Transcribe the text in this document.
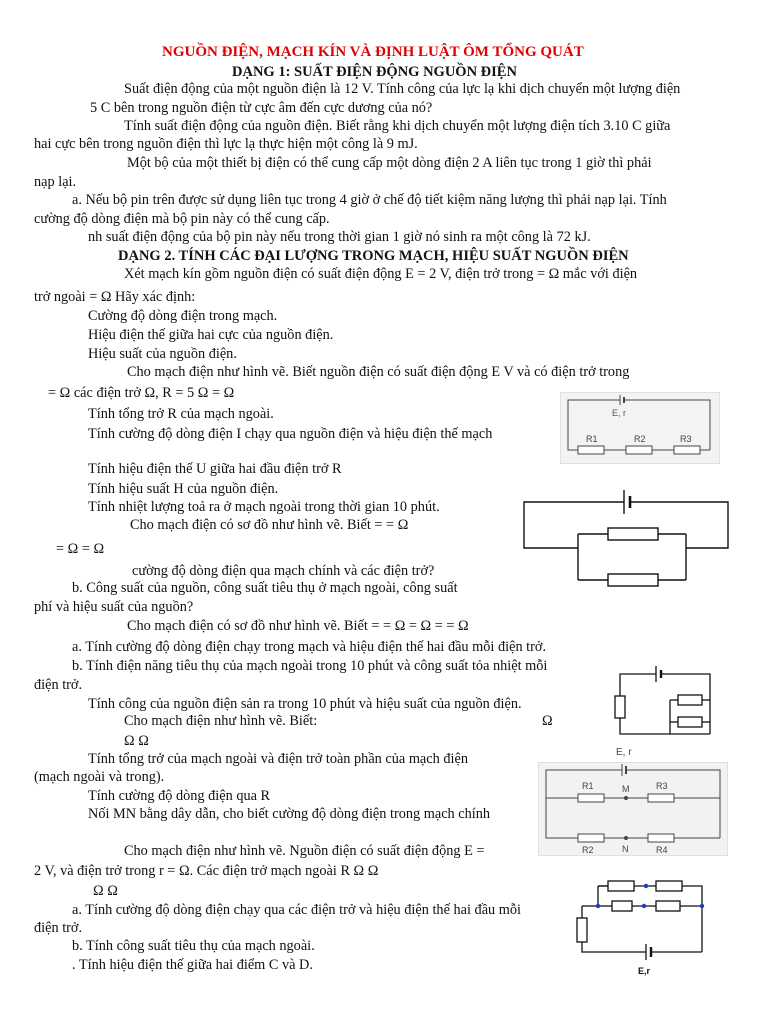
NGUỒN ĐIỆN, MẠCH KÍN VÀ ĐỊNH LUẬT ÔM TỔNG QUÁT
DẠNG 1: SUẤT ĐIỆN ĐỘNG NGUỒN ĐIỆN
Suất điện động của một nguồn điện là 12 V. Tính công của lực lạ khi dịch chuyển một lượng điện
5 C bên trong nguồn điện từ cực âm đến cực dương của nó?
Tính suất điện động của nguồn điện. Biết rằng khi dịch chuyển một lượng điện tích 3.10 C giữa
hai cực bên trong nguồn điện thì lực lạ thực hiện một công là 9 mJ.
Một bộ của một thiết bị điện có thể cung cấp một dòng điện 2 A liên tục trong 1 giờ thì phải
nạp lại.
a. Nếu bộ pin trên được sử dụng liên tục trong 4 giờ ở chế độ tiết kiệm năng lượng thì phải nạp lại. Tính
cường độ dòng điện mà bộ pin này có thể cung cấp.
nh suất điện động của bộ pin này nếu trong thời gian 1 giờ nó sinh ra một công là 72 kJ.
DẠNG 2. TÍNH CÁC ĐẠI LƯỢNG TRONG MẠCH, HIỆU SUẤT NGUỒN ĐIỆN
Xét mạch kín gồm nguồn điện có suất điện động E = 2 V, điện trở trong = Ω mắc với điện
trở ngoài = Ω Hãy xác định:
Cường độ dòng điện trong mạch.
Hiệu điện thế giữa hai cực của nguồn điện.
Hiệu suất của nguồn điện.
Cho mạch điện như hình vẽ. Biết nguồn điện có suất điện động E V và có điện trở trong
= Ω các điện trở Ω, R = 5 Ω = Ω
Tính tổng trở R của mạch ngoài.
Tính cường độ dòng điện I chạy qua nguồn điện và hiệu điện thế mạch
Tính hiệu điện thế U giữa hai đầu điện trở R
Tính hiệu suất H của nguồn điện.
Tính nhiệt lượng toả ra ở mạch ngoài trong thời gian 10 phút.
Cho mạch điện có sơ đồ như hình vẽ. Biết = = Ω
= Ω = Ω
cường độ dòng điện qua mạch chính và các điện trở?
b. Công suất của nguồn, công suất tiêu thụ ở mạch ngoài, công suất
phí và hiệu suất của nguồn?
Cho mạch điện có sơ đồ như hình vẽ. Biết = = Ω = Ω = = Ω
a. Tính cường độ dòng điện chạy trong mạch và hiệu điện thế hai đầu mỗi điện trở.
b. Tính điện năng tiêu thụ của mạch ngoài trong 10 phút và công suất tỏa nhiệt mỗi
điện trở.
Tính công của nguồn điện sản ra trong 10 phút và hiệu suất của nguồn điện.
Cho mạch điện như hình vẽ. Biết:	Ω
Ω Ω
Tính tổng trở của mạch ngoài và điện trở toàn phần của mạch điện
(mạch ngoài và trong).
Tính cường độ dòng điện qua R
Nối MN bằng dây dẫn, cho biết cường độ dòng điện trong mạch chính
Cho mạch điện như hình vẽ. Nguồn điện có suất điện động E =
2 V, và điện trở trong r = Ω. Các điện trở mạch ngoài R Ω Ω
Ω Ω
a. Tính cường độ dòng điện chạy qua các điện trở và hiệu điện thế hai đầu mỗi
điện trở.
b. Tính công suất tiêu thụ của mạch ngoài.
. Tính hiệu điện thế giữa hai điểm C và D.
E, r
R1	R2	R3
E, r
R1	R3
R2	R4
M
N
E,r
